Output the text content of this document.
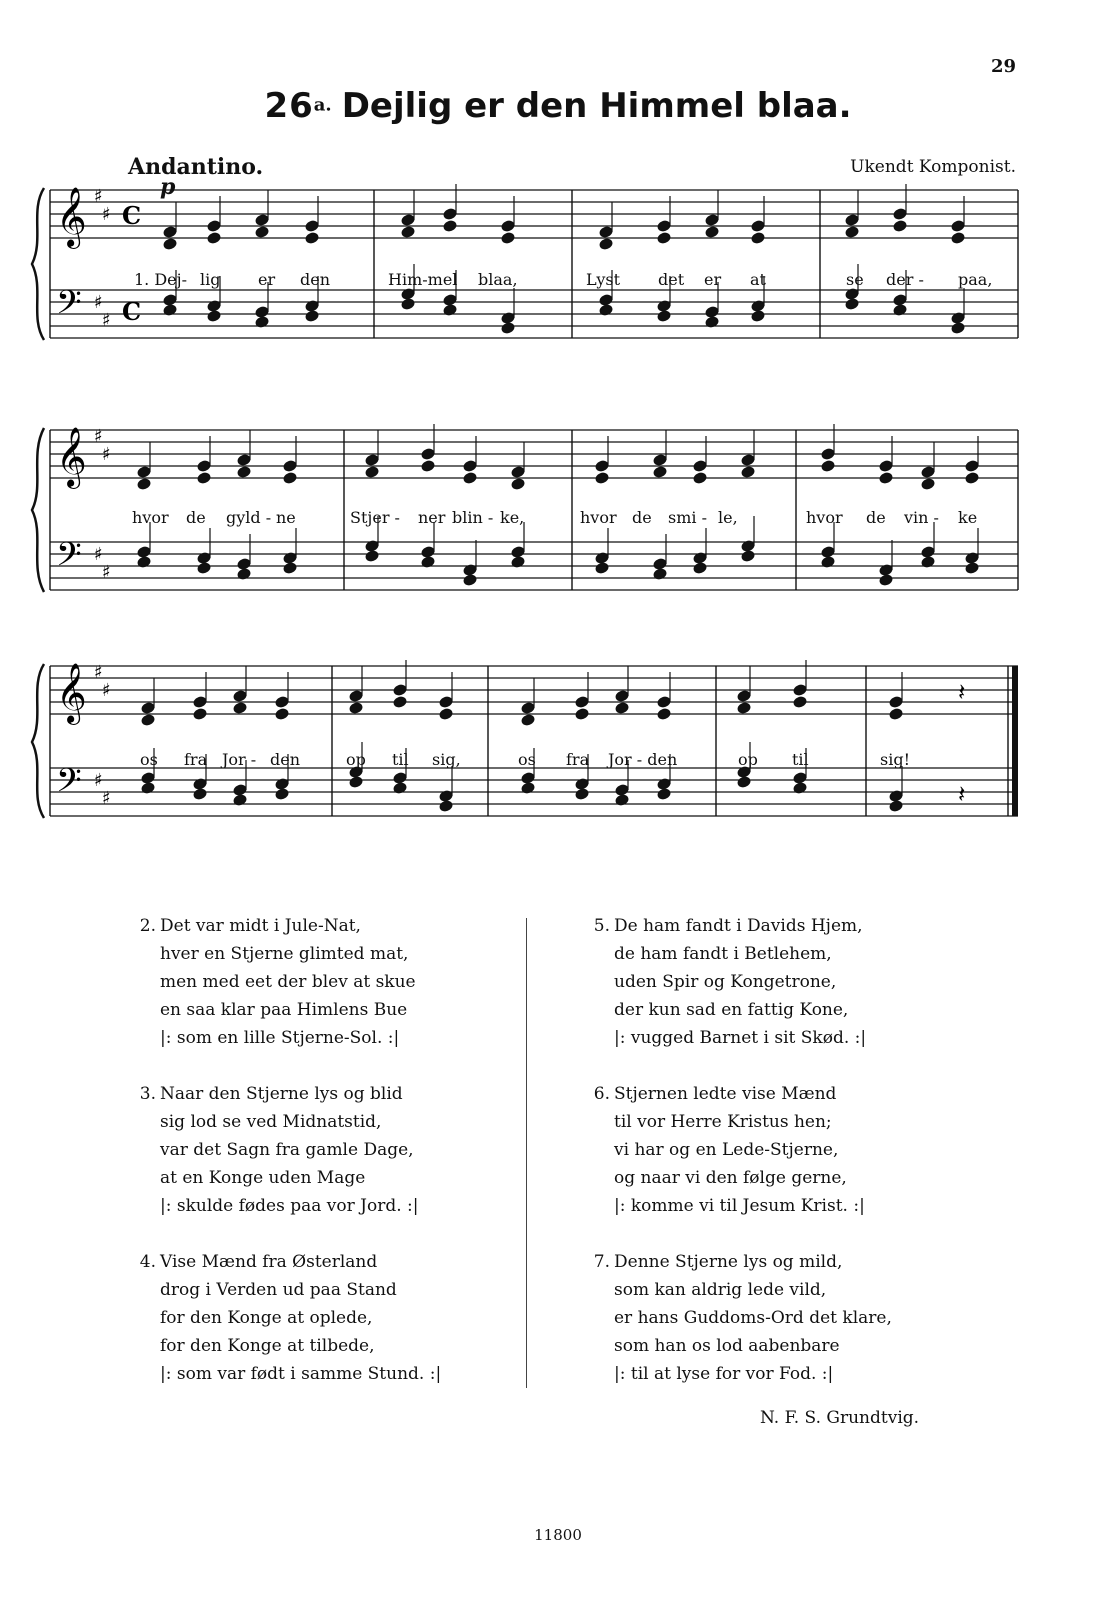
29
26a. Dejlig er den Himmel blaa.
Andantino.	Ukendt Komponist.
p
𝄞
𝄢
♯
♯
♯
♯
C
C
𝄞
𝄢
♯
♯
♯
♯
𝄞
𝄢
♯
♯
♯
♯
𝄽
𝄽
2. Det var midt i Jule-Nat,
hver en Stjerne glimted mat,
men med eet der blev at skue
en saa klar paa Himlens Bue
|: som en lille Stjerne-Sol. :|
3. Naar den Stjerne lys og blid
sig lod se ved Midnatstid,
var det Sagn fra gamle Dage,
at en Konge uden Mage
|: skulde fødes paa vor Jord. :|
4. Vise Mænd fra Østerland
drog i Verden ud paa Stand
for den Konge at oplede,
for den Konge at tilbede,
|: som var født i samme Stund. :|
5. De ham fandt i Davids Hjem,
de ham fandt i Betlehem,
uden Spir og Kongetrone,
der kun sad en fattig Kone,
|: vugged Barnet i sit Skød. :|
6. Stjernen ledte vise Mænd
til vor Herre Kristus hen;
vi har og en Lede-Stjerne,
og naar vi den følge gerne,
|: komme vi til Jesum Krist. :|
7. Denne Stjerne lys og mild,
som kan aldrig lede vild,
er hans Guddoms-Ord det klare,
som han os lod aabenbare
|: til at lyse for vor Fod. :|
N. F. S. Grundtvig.
11800
1. Dej- lig er den	Him-mel blaa,	Lyst det er at	se der - paa,
hvor de gyld - ne	Stjer - ner blin - ke,	hvor de smi - le,	hvor de vin - ke
os fra Jor - den	op til sig,	os fra Jor - den	op til	sig!
